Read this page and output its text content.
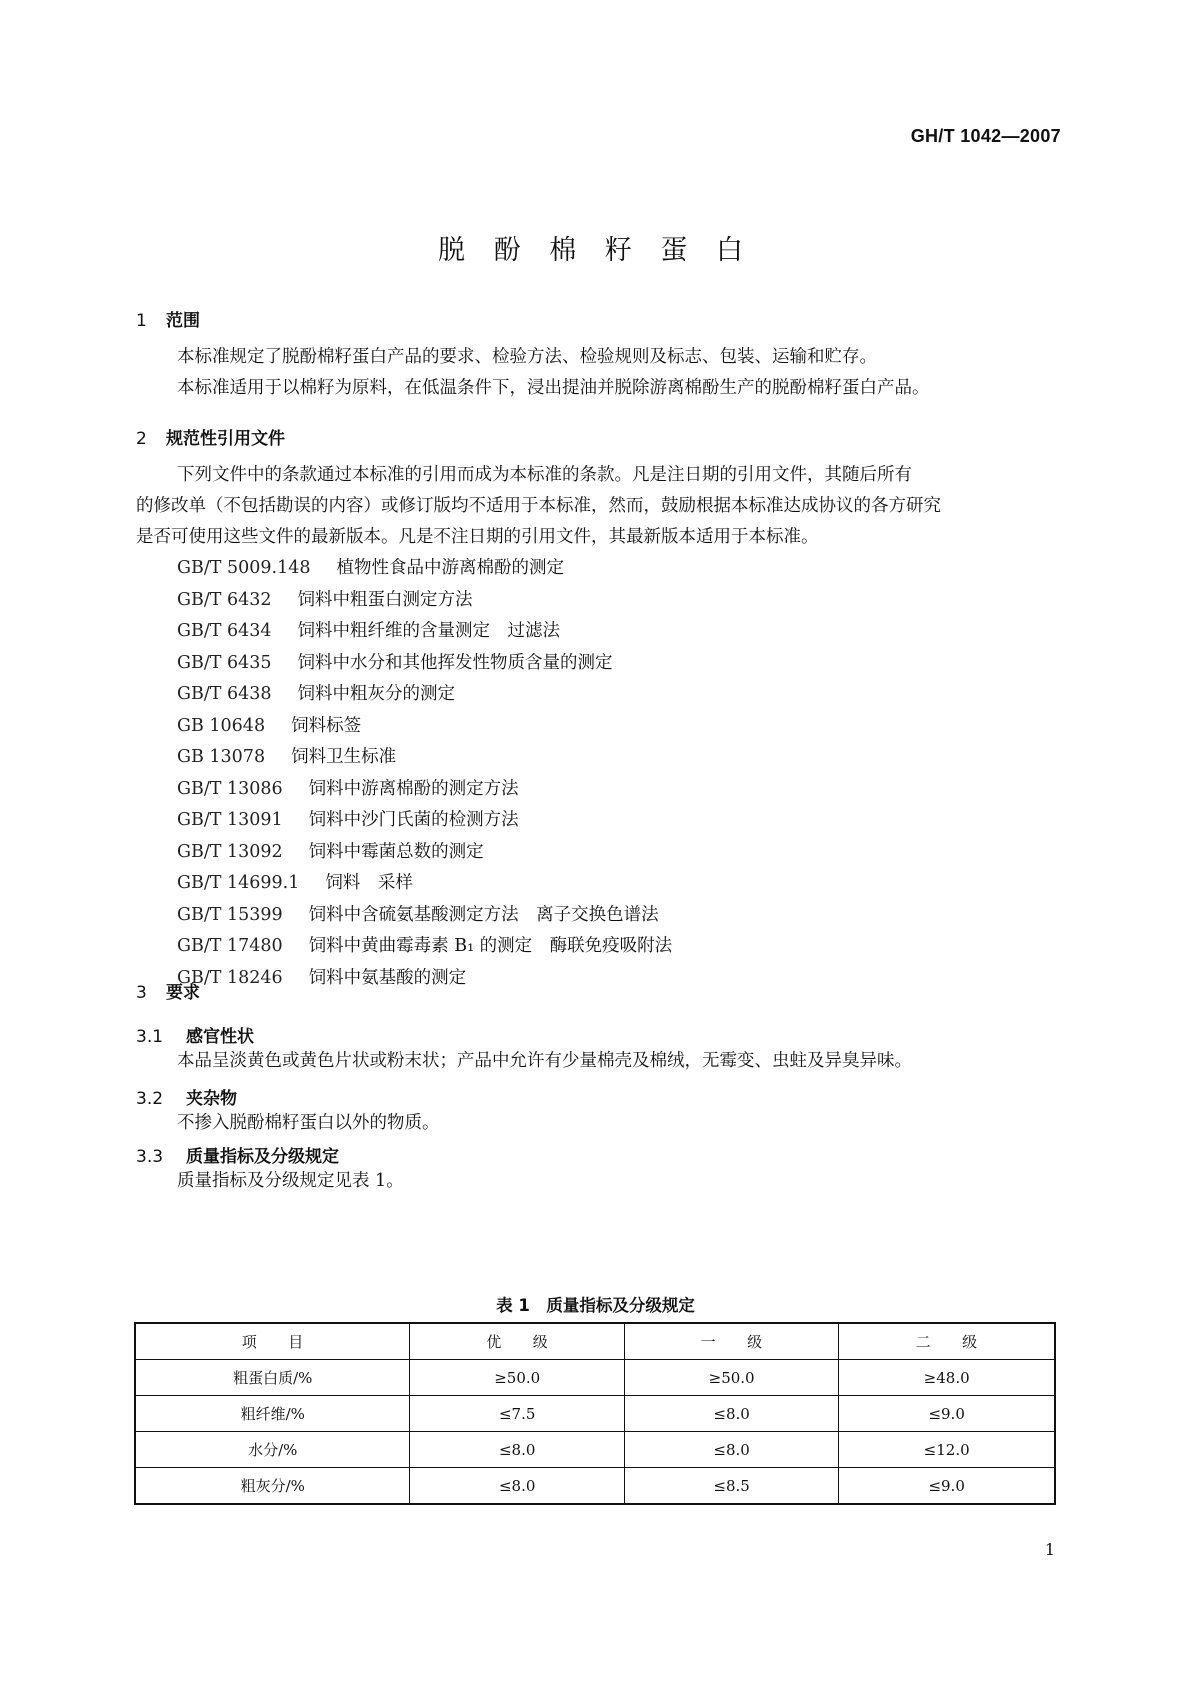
GH/T 1042—2007
脱 酚 棉 籽 蛋 白
1 范围
本标准规定了脱酚棉籽蛋白产品的要求、检验方法、检验规则及标志、包装、运输和贮存。
本标准适用于以棉籽为原料，在低温条件下，浸出提油并脱除游离棉酚生产的脱酚棉籽蛋白产品。
2 规范性引用文件
下列文件中的条款通过本标准的引用而成为本标准的条款。凡是注日期的引用文件，其随后所有
的修改单（不包括勘误的内容）或修订版均不适用于本标准，然而，鼓励根据本标准达成协议的各方研究
是否可使用这些文件的最新版本。凡是不注日期的引用文件，其最新版本适用于本标准。
GB/T 5009.148 植物性食品中游离棉酚的测定
GB/T 6432 饲料中粗蛋白测定方法
GB/T 6434 饲料中粗纤维的含量测定　过滤法
GB/T 6435 饲料中水分和其他挥发性物质含量的测定
GB/T 6438 饲料中粗灰分的测定
GB 10648 饲料标签
GB 13078 饲料卫生标准
GB/T 13086 饲料中游离棉酚的测定方法
GB/T 13091 饲料中沙门氏菌的检测方法
GB/T 13092 饲料中霉菌总数的测定
GB/T 14699.1 饲料　采样
GB/T 15399 饲料中含硫氨基酸测定方法　离子交换色谱法
GB/T 17480 饲料中黄曲霉毒素 B₁ 的测定　酶联免疫吸附法
GB/T 18246 饲料中氨基酸的测定
3 要求
3.1 感官性状
本品呈淡黄色或黄色片状或粉末状；产品中允许有少量棉壳及棉绒，无霉变、虫蛀及异臭异味。
3.2 夹杂物
不掺入脱酚棉籽蛋白以外的物质。
3.3 质量指标及分级规定
质量指标及分级规定见表 1。
表 1　质量指标及分级规定
项　　目	优　　级	一　　级	二　　级
粗蛋白质/%	≥50.0	≥50.0	≥48.0
粗纤维/%	≤7.5	≤8.0	≤9.0
水分/%	≤8.0	≤8.0	≤12.0
粗灰分/%	≤8.0	≤8.5	≤9.0
1
